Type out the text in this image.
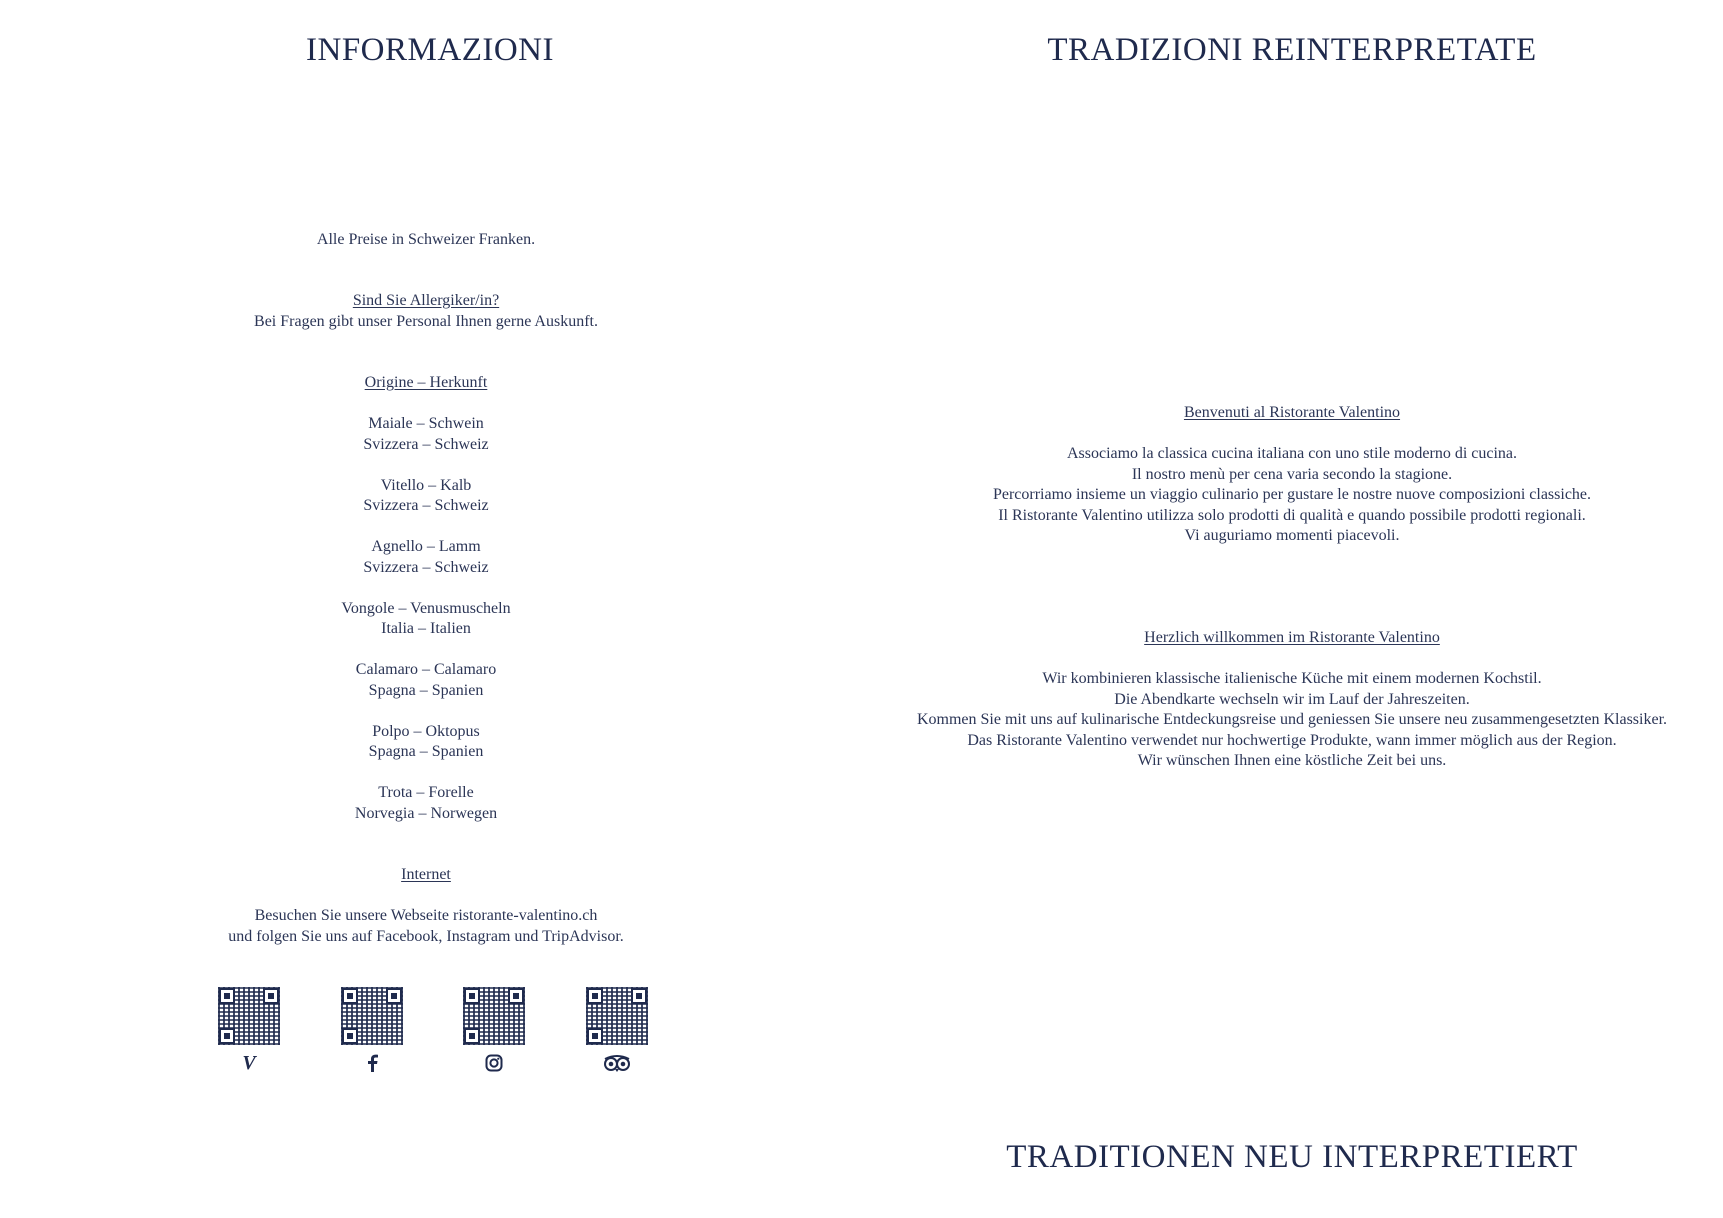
INFORMAZIONI
Alle Preise in Schweizer Franken.
Sind Sie Allergiker/in?
Bei Fragen gibt unser Personal Ihnen gerne Auskunft.
Origine – Herkunft
Maiale – Schwein
Svizzera – Schweiz
Vitello – Kalb
Svizzera – Schweiz
Agnello – Lamm
Svizzera – Schweiz
Vongole – Venusmuscheln
Italia – Italien
Calamaro – Calamaro
Spagna – Spanien
Polpo – Oktopus
Spagna – Spanien
Trota – Forelle
Norvegia – Norwegen
Internet
Besuchen Sie unsere Webseite ristorante-valentino.ch
und folgen Sie uns auf Facebook, Instagram und TripAdvisor.
V
TRADIZIONI REINTERPRETATE
Benvenuti al Ristorante Valentino
Associamo la classica cucina italiana con uno stile moderno di cucina.
Il nostro menù per cena varia secondo la stagione.
Percorriamo insieme un viaggio culinario per gustare le nostre nuove composizioni classiche.
Il Ristorante Valentino utilizza solo prodotti di qualità e quando possibile prodotti regionali.
Vi auguriamo momenti piacevoli.
Herzlich willkommen im Ristorante Valentino
Wir kombinieren klassische italienische Küche mit einem modernen Kochstil.
Die Abendkarte wechseln wir im Lauf der Jahreszeiten.
Kommen Sie mit uns auf kulinarische Entdeckungsreise und geniessen Sie unsere neu zusammengesetzten Klassiker.
Das Ristorante Valentino verwendet nur hochwertige Produkte, wann immer möglich aus der Region.
Wir wünschen Ihnen eine köstliche Zeit bei uns.
TRADITIONEN NEU INTERPRETIERT
